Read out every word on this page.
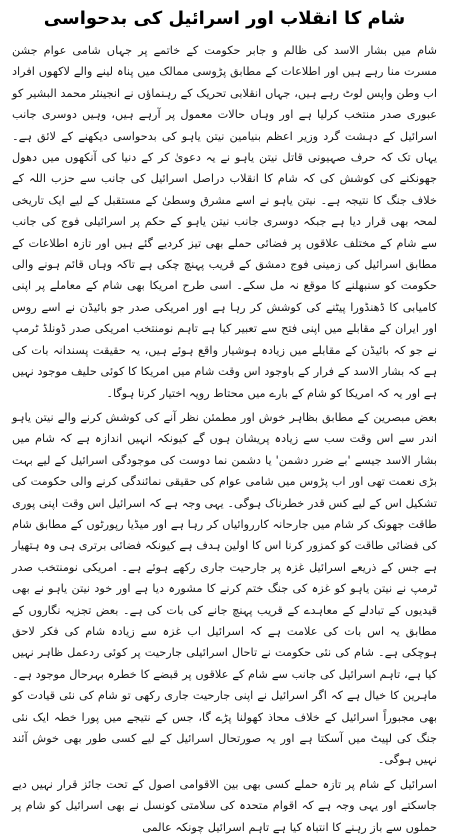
شام کا انقلاب اور اسرائیل کی بدحواسی

شام میں بشار الاسد کی ظالم و جابر حکومت کے خاتمے پر جہاں شامی عوام جشن مسرت منا رہے ہیں اور اطلاعات کے مطابق پڑوسی ممالک میں پناہ لینے والے لاکھوں افراد اب وطن واپس لوٹ رہے ہیں، جہاں انقلابی تحریک کے رہنماؤں نے انجینئر محمد البشیر کو عبوری صدر منتخب کرلیا ہے اور وہاں حالات معمول پر آرہے ہیں، وہیں دوسری جانب اسرائیل کے دہشت گرد وزیر اعظم بنیامین نیتن یاہو کی بدحواسی دیکھنے کے لائق ہے۔ یہاں تک کہ حرف صہیونی قاتل نیتن یاہو نے یہ دعویٰ کر کے دنیا کی آنکھوں میں دھول جھونکنے کی کوشش کی کہ شام کا انقلاب دراصل اسرائیل کی جانب سے حزب اللہ کے خلاف جنگ کا نتیجہ ہے۔ نیتن یاہو نے اسے مشرق وسطیٰ کے مستقبل کے لیے ایک تاریخی لمحہ بھی قرار دیا ہے جبکہ دوسری جانب نیتن یاہو کے حکم پر اسرائیلی فوج کی جانب سے شام کے مختلف علاقوں پر فضائی حملے بھی تیز کردیے گئے ہیں اور تازہ اطلاعات کے مطابق اسرائیل کی زمینی فوج دمشق کے قریب پہنچ چکی ہے تاکہ وہاں قائم ہونے والی حکومت کو سنبھلنے کا موقع نہ مل سکے۔ اسی طرح امریکا بھی شام کے معاملے پر اپنی کامیابی کا ڈھنڈورا پیٹنے کی کوشش کر رہا ہے اور امریکی صدر جو بائیڈن نے اسے روس اور ایران کے مقابلے میں اپنی فتح سے تعبیر کیا ہے تاہم نومنتخب امریکی صدر ڈونلڈ ٹرمپ نے جو کہ بائیڈن کے مقابلے میں زیادہ ہوشیار واقع ہوئے ہیں، یہ حقیقت پسندانہ بات کی ہے کہ بشار الاسد کے فرار کے باوجود اس وقت شام میں امریکا کا کوئی حلیف موجود نہیں ہے اور یہ کہ امریکا کو شام کے بارے میں محتاط رویہ اختیار کرنا ہوگا۔

بعض مبصرین کے مطابق بظاہر خوش اور مطمئن نظر آنے کی کوشش کرنے والے نیتن یاہو اندر سے اس وقت سب سے زیادہ پریشان ہوں گے کیونکہ انہیں اندازہ ہے کہ شام میں بشار الاسد جیسے 'بے ضرر دشمن' یا دشمن نما دوست کی موجودگی اسرائیل کے لیے بہت بڑی نعمت تھی اور اب پڑوس میں شامی عوام کی حقیقی نمائندگی کرنے والی حکومت کی تشکیل اس کے لیے کس قدر خطرناک ہوگی۔ یہی وجہ ہے کہ اسرائیل اس وقت اپنی پوری طاقت جھونک کر شام میں جارحانہ کارروائیاں کر رہا ہے اور میڈیا رپورٹوں کے مطابق شام کی فضائی طاقت کو کمزور کرنا اس کا اولین ہدف ہے کیونکہ فضائی برتری ہی وہ ہتھیار ہے جس کے ذریعے اسرائیل غزہ پر جارحیت جاری رکھے ہوئے ہے۔ امریکی نومنتخب صدر ٹرمپ نے نیتن یاہو کو غزہ کی جنگ ختم کرنے کا مشورہ دیا ہے اور خود نیتن یاہو نے بھی قیدیوں کے تبادلے کے معاہدے کے قریب پہنچ جانے کی بات کی ہے۔ بعض تجزیہ نگاروں کے مطابق یہ اس بات کی علامت ہے کہ اسرائیل اب غزہ سے زیادہ شام کی فکر لاحق ہوچکی ہے۔ شام کی نئی حکومت نے تاحال اسرائیلی جارحیت پر کوئی ردعمل ظاہر نہیں کیا ہے، تاہم اسرائیل کی جانب سے شام کے علاقوں پر قبضے کا خطرہ بہرحال موجود ہے۔ ماہرین کا خیال ہے کہ اگر اسرائیل نے اپنی جارحیت جاری رکھی تو شام کی نئی قیادت کو بھی مجبوراً اسرائیل کے خلاف محاذ کھولنا پڑے گا، جس کے نتیجے میں پورا خطہ ایک نئی جنگ کی لپیٹ میں آسکتا ہے اور یہ صورتحال اسرائیل کے لیے کسی طور بھی خوش آئند نہیں ہوگی۔

اسرائیل کے شام پر تازہ حملے کسی بھی بین الاقوامی اصول کے تحت جائز قرار نہیں دیے جاسکتے اور یہی وجہ ہے کہ اقوام متحدہ کی سلامتی کونسل نے بھی اسرائیل کو شام پر حملوں سے باز رہنے کا انتباہ کیا ہے تاہم اسرائیل چونکہ عالمی
